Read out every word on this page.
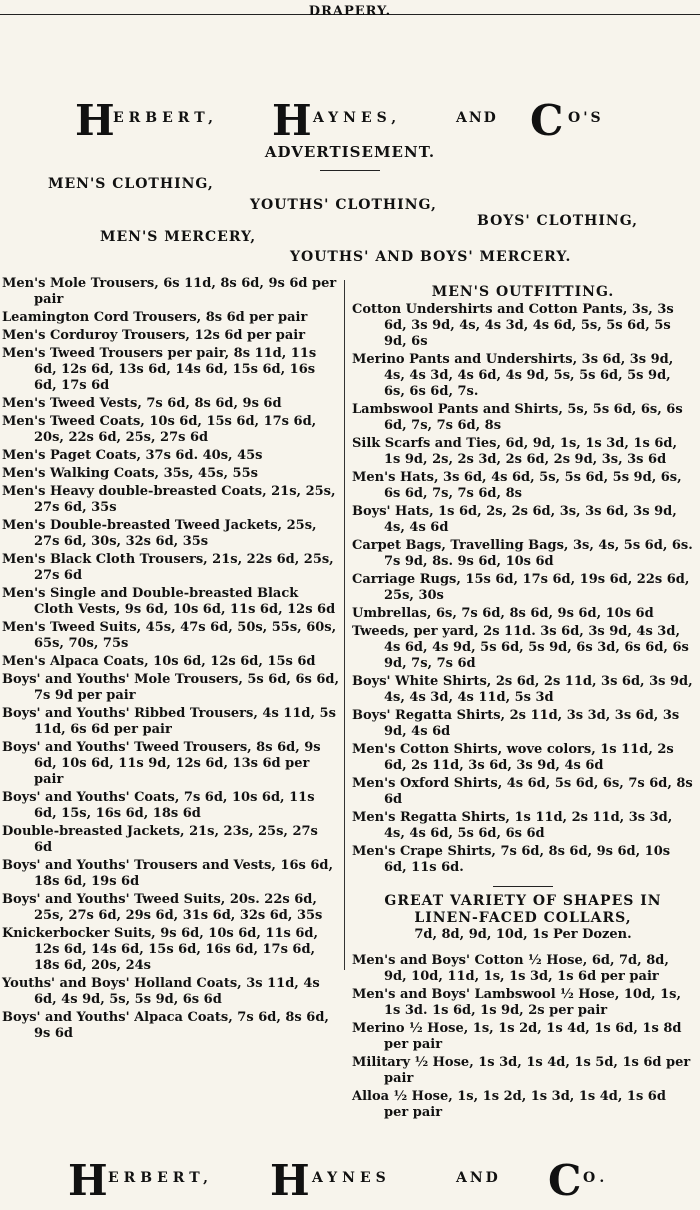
DRAPERY.
H
ERBERT, H AYNES,	AND C O'S
ADVERTISEMENT.
MEN'S CLOTHING,
YOUTHS' CLOTHING,
BOYS' CLOTHING,
MEN'S MERCERY,
YOUTHS' AND BOYS' MERCERY.
Men's Mole Trousers, 6s 11d, 8s 6d, 9s 6d per pair
Leamington Cord Trousers, 8s 6d per pair
Men's Corduroy Trousers, 12s 6d per pair
Men's Tweed Trousers per pair, 8s 11d, 11s 6d, 12s 6d, 13s 6d, 14s 6d, 15s 6d, 16s 6d, 17s 6d
Men's Tweed Vests, 7s 6d, 8s 6d, 9s 6d
Men's Tweed Coats, 10s 6d, 15s 6d, 17s 6d, 20s, 22s 6d, 25s, 27s 6d
Men's Paget Coats, 37s 6d. 40s, 45s
Men's Walking Coats, 35s, 45s, 55s
Men's Heavy double-breasted Coats, 21s, 25s, 27s 6d, 35s
Men's Double-breasted Tweed Jackets, 25s, 27s 6d, 30s, 32s 6d, 35s
Men's Black Cloth Trousers, 21s, 22s 6d, 25s, 27s 6d
Men's Single and Double-breasted Black Cloth Vests, 9s 6d, 10s 6d, 11s 6d, 12s 6d
Men's Tweed Suits, 45s, 47s 6d, 50s, 55s, 60s, 65s, 70s, 75s
Men's Alpaca Coats, 10s 6d, 12s 6d, 15s 6d
Boys' and Youths' Mole Trousers, 5s 6d, 6s 6d, 7s 9d per pair
Boys' and Youths' Ribbed Trousers, 4s 11d, 5s 11d, 6s 6d per pair
Boys' and Youths' Tweed Trousers, 8s 6d, 9s 6d, 10s 6d, 11s 9d, 12s 6d, 13s 6d per pair
Boys' and Youths' Coats, 7s 6d, 10s 6d, 11s 6d, 15s, 16s 6d, 18s 6d
Double-breasted Jackets, 21s, 23s, 25s, 27s 6d
Boys' and Youths' Trousers and Vests, 16s 6d, 18s 6d, 19s 6d
Boys' and Youths' Tweed Suits, 20s. 22s 6d, 25s, 27s 6d, 29s 6d, 31s 6d, 32s 6d, 35s
Knickerbocker Suits, 9s 6d, 10s 6d, 11s 6d, 12s 6d, 14s 6d, 15s 6d, 16s 6d, 17s 6d, 18s 6d, 20s, 24s
Youths' and Boys' Holland Coats, 3s 11d, 4s 6d, 4s 9d, 5s, 5s 9d, 6s 6d
Boys' and Youths' Alpaca Coats, 7s 6d, 8s 6d, 9s 6d
MEN'S OUTFITTING.
Cotton Undershirts and Cotton Pants, 3s, 3s 6d, 3s 9d, 4s, 4s 3d, 4s 6d, 5s, 5s 6d, 5s 9d, 6s
Merino Pants and Undershirts, 3s 6d, 3s 9d, 4s, 4s 3d, 4s 6d, 4s 9d, 5s, 5s 6d, 5s 9d, 6s, 6s 6d, 7s.
Lambswool Pants and Shirts, 5s, 5s 6d, 6s, 6s 6d, 7s, 7s 6d, 8s
Silk Scarfs and Ties, 6d, 9d, 1s, 1s 3d, 1s 6d, 1s 9d, 2s, 2s 3d, 2s 6d, 2s 9d, 3s, 3s 6d
Men's Hats, 3s 6d, 4s 6d, 5s, 5s 6d, 5s 9d, 6s, 6s 6d, 7s, 7s 6d, 8s
Boys' Hats, 1s 6d, 2s, 2s 6d, 3s, 3s 6d, 3s 9d, 4s, 4s 6d
Carpet Bags, Travelling Bags, 3s, 4s, 5s 6d, 6s. 7s 9d, 8s. 9s 6d, 10s 6d
Carriage Rugs, 15s 6d, 17s 6d, 19s 6d, 22s 6d, 25s, 30s
Umbrellas, 6s, 7s 6d, 8s 6d, 9s 6d, 10s 6d
Tweeds, per yard, 2s 11d. 3s 6d, 3s 9d, 4s 3d, 4s 6d, 4s 9d, 5s 6d, 5s 9d, 6s 3d, 6s 6d, 6s 9d, 7s, 7s 6d
Boys' White Shirts, 2s 6d, 2s 11d, 3s 6d, 3s 9d, 4s, 4s 3d, 4s 11d, 5s 3d
Boys' Regatta Shirts, 2s 11d, 3s 3d, 3s 6d, 3s 9d, 4s 6d
Men's Cotton Shirts, wove colors, 1s 11d, 2s 6d, 2s 11d, 3s 6d, 3s 9d, 4s 6d
Men's Oxford Shirts, 4s 6d, 5s 6d, 6s, 7s 6d, 8s 6d
Men's Regatta Shirts, 1s 11d, 2s 11d, 3s 3d, 4s, 4s 6d, 5s 6d, 6s 6d
Men's Crape Shirts, 7s 6d, 8s 6d, 9s 6d, 10s 6d, 11s 6d.
GREAT VARIETY OF SHAPES IN LINEN-FACED COLLARS,
7d, 8d, 9d, 10d, 1s Per Dozen.
Men's and Boys' Cotton ½ Hose, 6d, 7d, 8d, 9d, 10d, 11d, 1s, 1s 3d, 1s 6d per pair
Men's and Boys' Lambswool ½ Hose, 10d, 1s, 1s 3d. 1s 6d, 1s 9d, 2s per pair
Merino ½ Hose, 1s, 1s 2d, 1s 4d, 1s 6d, 1s 8d per pair
Military ½ Hose, 1s 3d, 1s 4d, 1s 5d, 1s 6d per pair
Alloa ½ Hose, 1s, 1s 2d, 1s 3d, 1s 4d, 1s 6d per pair
H ERBERT, H AYNES	AND C O.
